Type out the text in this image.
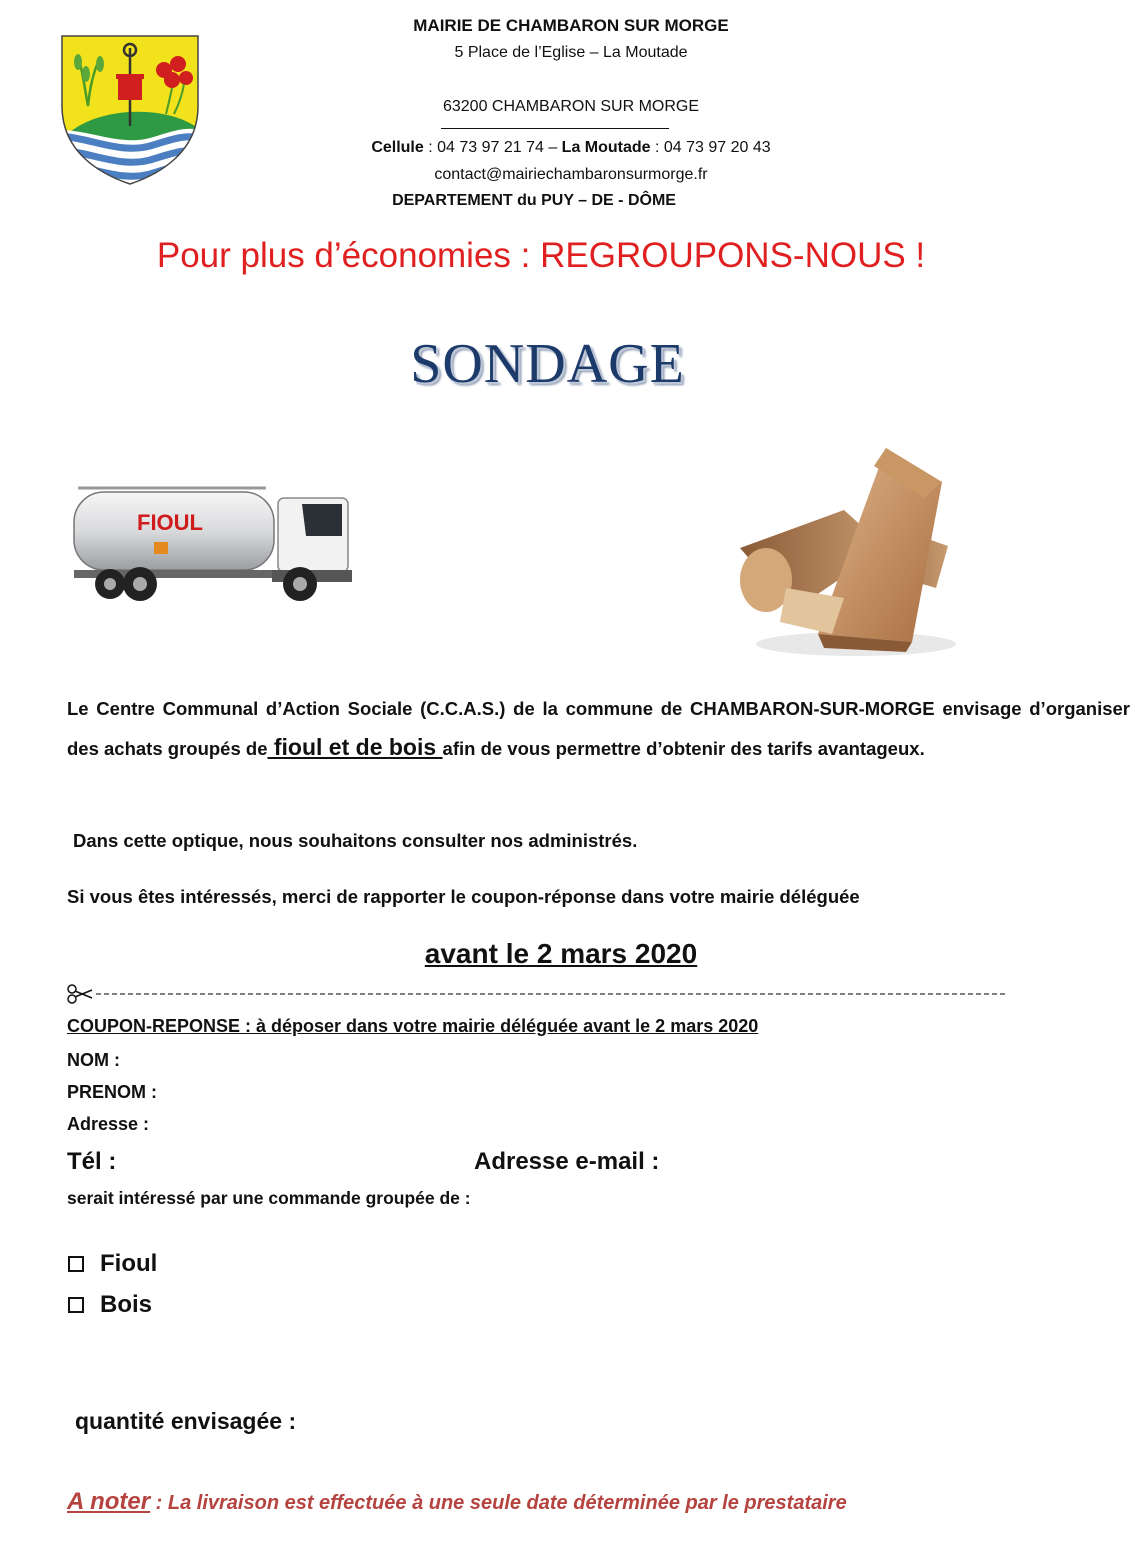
MAIRIE DE CHAMBARON SUR MORGE
5 Place de l’Eglise – La Moutade
63200 CHAMBARON SUR MORGE
Cellule : 04 73 97 21 74 – La Moutade : 04 73 97 20 43
contact@mairiechambaronsurmorge.fr
DEPARTEMENT du PUY – DE - DÔME
Pour plus d’économies : REGROUPONS-NOUS !
SONDAGE
FIOUL
Le Centre Communal d’Action Sociale (C.C.A.S.) de la commune de CHAMBARON-SUR-MORGE envisage d’organiser des achats groupés de fioul et de bois afin de vous permettre d’obtenir des tarifs avantageux.
Dans cette optique, nous souhaitons consulter nos administrés.
Si vous êtes intéressés, merci de rapporter le coupon-réponse dans votre mairie déléguée
avant le 2 mars 2020
COUPON-REPONSE : à déposer dans votre mairie déléguée avant le 2 mars 2020
NOM :
PRENOM :
Adresse :
Tél :	Adresse e-mail :
serait intéressé par une commande groupée de :
Fioul
Bois
quantité envisagée :
A noter : La livraison est effectuée à une seule date déterminée par le prestataire
